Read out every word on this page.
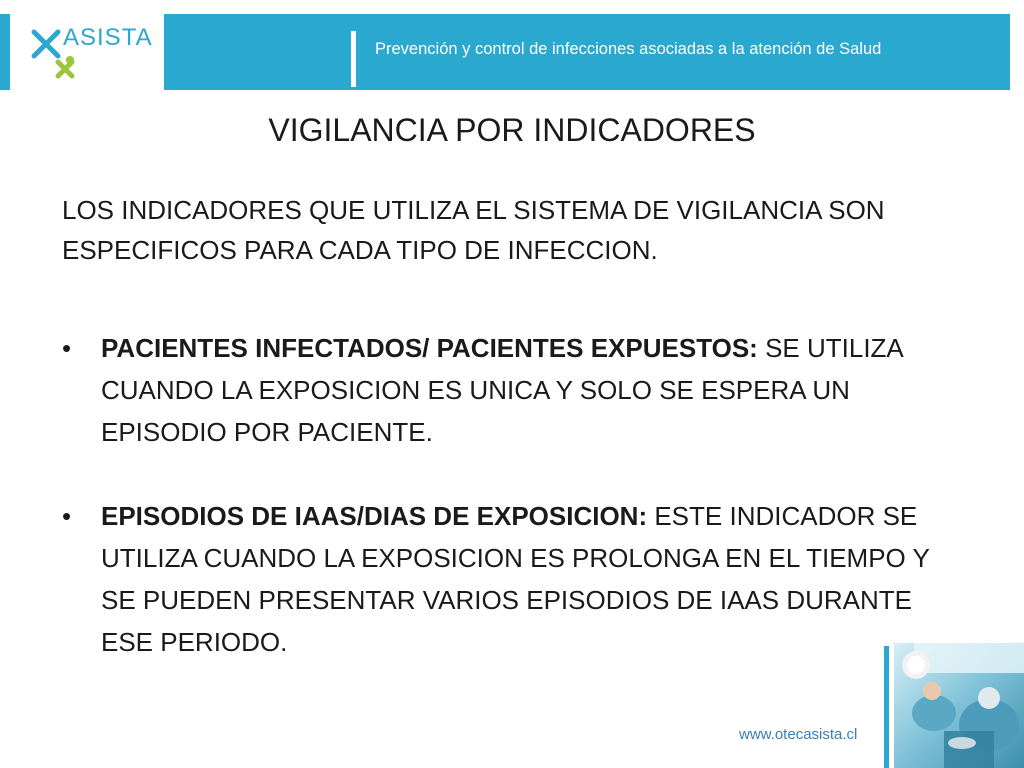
ASISTA	Prevención y control de infecciones asociadas a la atención de Salud
VIGILANCIA POR INDICADORES
LOS INDICADORES QUE UTILIZA EL SISTEMA DE VIGILANCIA SON ESPECIFICOS PARA CADA TIPO DE INFECCION.
• PACIENTES INFECTADOS/ PACIENTES EXPUESTOS: SE UTILIZA CUANDO LA EXPOSICION ES UNICA Y SOLO SE ESPERA UN EPISODIO POR PACIENTE.
• EPISODIOS DE IAAS/DIAS DE EXPOSICION: ESTE INDICADOR SE UTILIZA CUANDO LA EXPOSICION ES PROLONGA EN EL TIEMPO Y SE PUEDEN PRESENTAR VARIOS EPISODIOS DE IAAS DURANTE ESE PERIODO.
www.otecasista.cl
